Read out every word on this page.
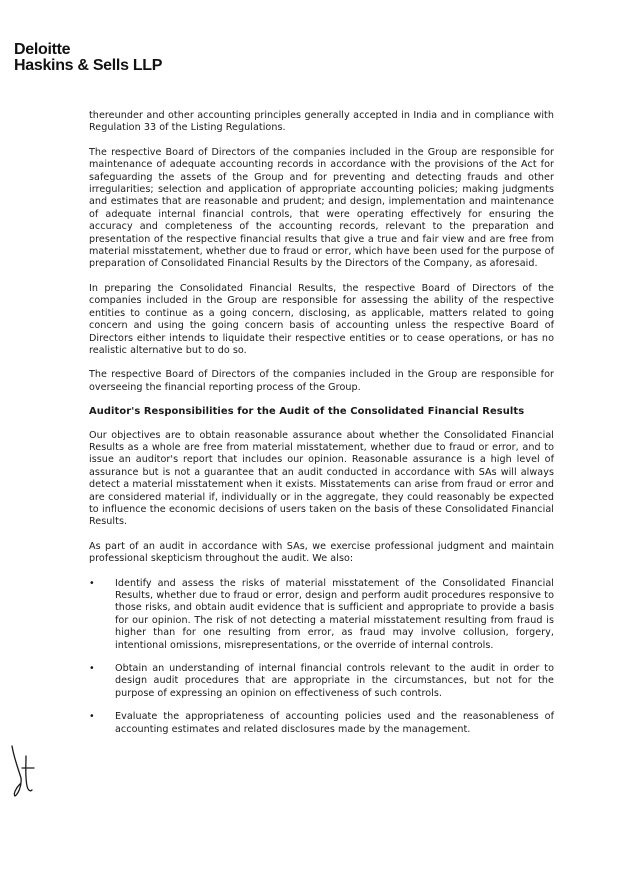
Deloitte
Haskins & Sells LLP

thereunder and other accounting principles generally accepted in India and in compliance with Regulation 33 of the Listing Regulations.

The respective Board of Directors of the companies included in the Group are responsible for maintenance of adequate accounting records in accordance with the provisions of the Act for safeguarding the assets of the Group and for preventing and detecting frauds and other irregularities; selection and application of appropriate accounting policies; making judgments and estimates that are reasonable and prudent; and design, implementation and maintenance of adequate internal financial controls, that were operating effectively for ensuring the accuracy and completeness of the accounting records, relevant to the preparation and presentation of the respective financial results that give a true and fair view and are free from material misstatement, whether due to fraud or error, which have been used for the purpose of preparation of Consolidated Financial Results by the Directors of the Company, as aforesaid.

In preparing the Consolidated Financial Results, the respective Board of Directors of the companies included in the Group are responsible for assessing the ability of the respective entities to continue as a going concern, disclosing, as applicable, matters related to going concern and using the going concern basis of accounting unless the respective Board of Directors either intends to liquidate their respective entities or to cease operations, or has no realistic alternative but to do so.

The respective Board of Directors of the companies included in the Group are responsible for overseeing the financial reporting process of the Group.

Auditor's Responsibilities for the Audit of the Consolidated Financial Results

Our objectives are to obtain reasonable assurance about whether the Consolidated Financial Results as a whole are free from material misstatement, whether due to fraud or error, and to issue an auditor's report that includes our opinion. Reasonable assurance is a high level of assurance but is not a guarantee that an audit conducted in accordance with SAs will always detect a material misstatement when it exists. Misstatements can arise from fraud or error and are considered material if, individually or in the aggregate, they could reasonably be expected to influence the economic decisions of users taken on the basis of these Consolidated Financial Results.

As part of an audit in accordance with SAs, we exercise professional judgment and maintain professional skepticism throughout the audit. We also:

• Identify and assess the risks of material misstatement of the Consolidated Financial Results, whether due to fraud or error, design and perform audit procedures responsive to those risks, and obtain audit evidence that is sufficient and appropriate to provide a basis for our opinion. The risk of not detecting a material misstatement resulting from fraud is higher than for one resulting from error, as fraud may involve collusion, forgery, intentional omissions, misrepresentations, or the override of internal controls.
• Obtain an understanding of internal financial controls relevant to the audit in order to design audit procedures that are appropriate in the circumstances, but not for the purpose of expressing an opinion on effectiveness of such controls.
• Evaluate the appropriateness of accounting policies used and the reasonableness of accounting estimates and related disclosures made by the management.
